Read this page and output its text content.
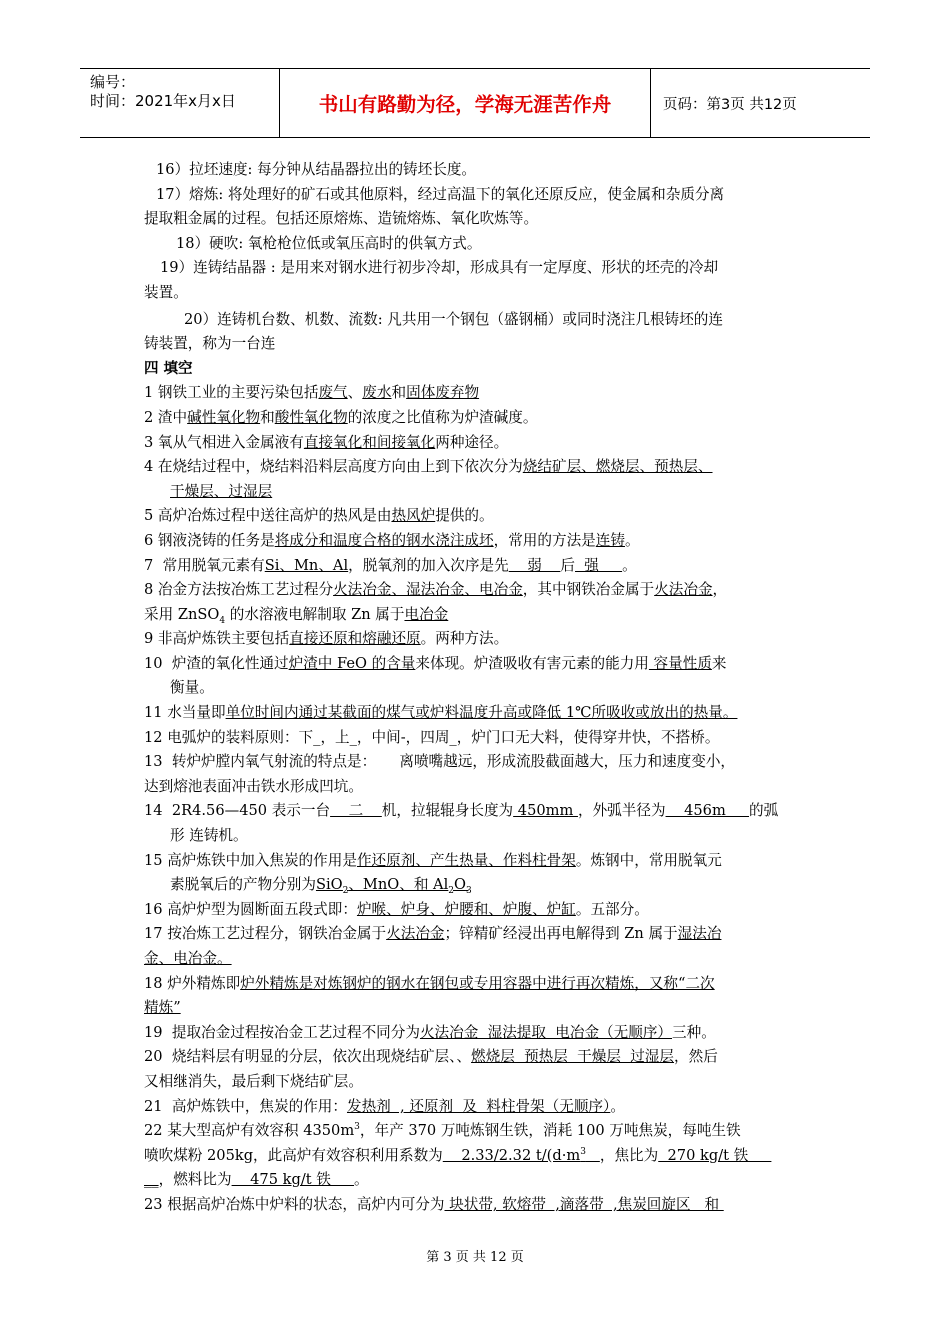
编号：
时间：2021年x月x日	书山有路勤为径，学海无涯苦作舟	页码：第3页 共12页

16）拉坯速度: 每分钟从结晶器拉出的铸坯长度。

17）熔炼: 将处理好的矿石或其他原料，经过高温下的氧化还原反应，使金属和杂质分离

提取粗金属的过程。包括还原熔炼、造锍熔炼、氧化吹炼等。

18）硬吹: 氧枪枪位低或氧压高时的供氧方式。

19）连铸结晶器 : 是用来对钢水进行初步冷却，形成具有一定厚度、形状的坯壳的冷却

装置。

20）连铸机台数、机数、流数: 凡共用一个钢包（盛钢桶）或同时浇注几根铸坯的连

铸装置，称为一台连

四 填空

1 钢铁工业的主要污染包括废气、废水和固体废弃物

2 渣中碱性氧化物和酸性氧化物的浓度之比值称为炉渣碱度。

3 氧从气相进入金属液有直接氧化和间接氧化两种途径。

4 在烧结过程中，烧结料沿料层高度方向由上到下依次分为烧结矿层、燃烧层、预热层、

干燥层、过湿层

5 高炉冶炼过程中送往高炉的热风是由热风炉提供的。

6 钢液浇铸的任务是将成分和温度合格的钢水浇注成坯，常用的方法是连铸。

7  常用脱氧元素有Si、Mn、Al，脱氧剂的加入次序是先    弱    后  强     。

8 冶金方法按冶炼工艺过程分火法冶金、湿法冶金、电冶金，其中钢铁冶金属于火法冶金，

采用 ZnSO$_4$ 的水溶液电解制取 Zn 属于电冶金

9 非高炉炼铁主要包括直接还原和熔融还原。两种方法。

10  炉渣的氧化性通过炉渣中 FeO 的含量来体现。炉渣吸收有害元素的能力用 容量性质来

衡量。

11 水当量即单位时间内通过某截面的煤气或炉料温度升高或降低 1℃所吸收或放出的热量。

12 电弧炉的装料原则：下_，上_，中间-，四周_，炉门口无大料，使得穿井快，不搭桥。

13  转炉炉膛内氧气射流的特点是：     离喷嘴越远，形成流股截面越大，压力和速度变小，

达到熔池表面冲击铁水形成凹坑。

14  2R4.56—450 表示一台    二    机，拉辊辊身长度为 450mm ，外弧半径为    456m     的弧

形 连铸机。

15 高炉炼铁中加入焦炭的作用是作还原剂、产生热量、作料柱骨架。炼钢中，常用脱氧元

素脱氧后的产物分别为SiO$_2$、MnO、和 $Al_2O_3$

16 高炉炉型为圆断面五段式即：炉喉、炉身、炉腰和、炉腹、炉缸。五部分。

17 按冶炼工艺过程分，钢铁冶金属于火法冶金；锌精矿经浸出再电解得到 Zn 属于湿法冶

金、电冶金。

18 炉外精炼即炉外精炼是对炼钢炉的钢水在钢包或专用容器中进行再次精炼，又称“二次

精炼”

19  提取冶金过程按冶金工艺过程不同分为火法冶金  湿法提取  电冶金（无顺序）三种。

20  烧结料层有明显的分层，依次出现烧结矿层、、燃烧层  预热层  干燥层  过湿层，然后

又相继消失，最后剩下烧结矿层。

21  高炉炼铁中，焦炭的作用：发热剂  , 还原剂  及  料柱骨架（无顺序）。

22 某大型高炉有效容积 $4350m^3$，年产 370 万吨炼钢生铁，消耗 100 万吨焦炭，每吨生铁

喷吹煤粉 205kg，此高炉有效容积利用系数为    2.33/2.32 $t/(d\cdot m^3$ ，焦比为  270 kg/t 铁

__，燃料比为    475 kg/t 铁     。

23 根据高炉冶炼中炉料的状态，高炉内可分为 块状带, 软熔带  ,滴落带  ,焦炭回旋区   和

第 3 页 共 12 页
